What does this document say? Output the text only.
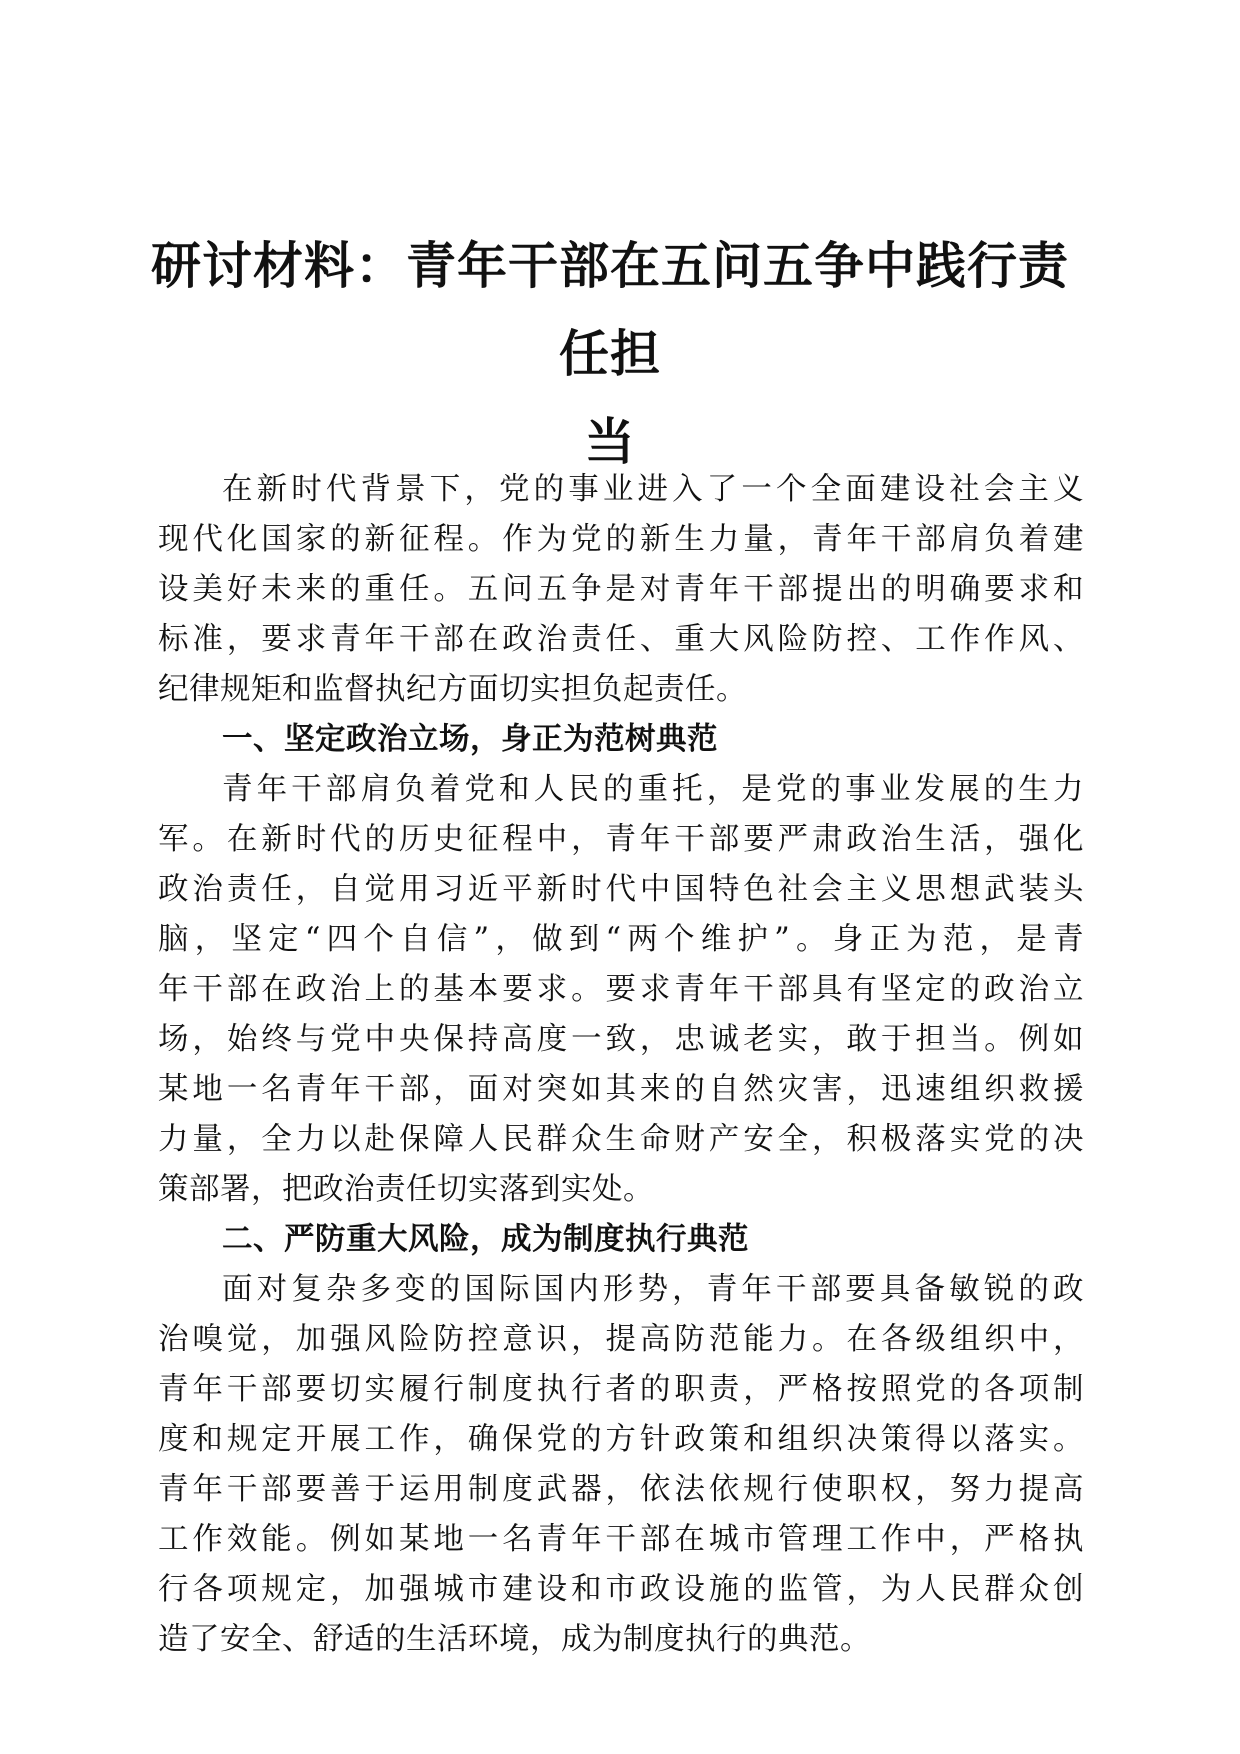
研讨材料：青年干部在五问五争中践行责任担
当
在新时代背景下，党的事业进入了一个全面建设社会主义
现代化国家的新征程。作为党的新生力量，青年干部肩负着建
设美好未来的重任。五问五争是对青年干部提出的明确要求和
标准，要求青年干部在政治责任、重大风险防控、工作作风、
纪律规矩和监督执纪方面切实担负起责任。
一、坚定政治立场，身正为范树典范
青年干部肩负着党和人民的重托，是党的事业发展的生力
军。在新时代的历史征程中，青年干部要严肃政治生活，强化
政治责任，自觉用习近平新时代中国特色社会主义思想武装头
脑，坚定“四个自信”，做到“两个维护”。身正为范，是青
年干部在政治上的基本要求。要求青年干部具有坚定的政治立
场，始终与党中央保持高度一致，忠诚老实，敢于担当。例如
某地一名青年干部，面对突如其来的自然灾害，迅速组织救援
力量，全力以赴保障人民群众生命财产安全，积极落实党的决
策部署，把政治责任切实落到实处。
二、严防重大风险，成为制度执行典范
面对复杂多变的国际国内形势，青年干部要具备敏锐的政
治嗅觉，加强风险防控意识，提高防范能力。在各级组织中，
青年干部要切实履行制度执行者的职责，严格按照党的各项制
度和规定开展工作，确保党的方针政策和组织决策得以落实。
青年干部要善于运用制度武器，依法依规行使职权，努力提高
工作效能。例如某地一名青年干部在城市管理工作中，严格执
行各项规定，加强城市建设和市政设施的监管，为人民群众创
造了安全、舒适的生活环境，成为制度执行的典范。
